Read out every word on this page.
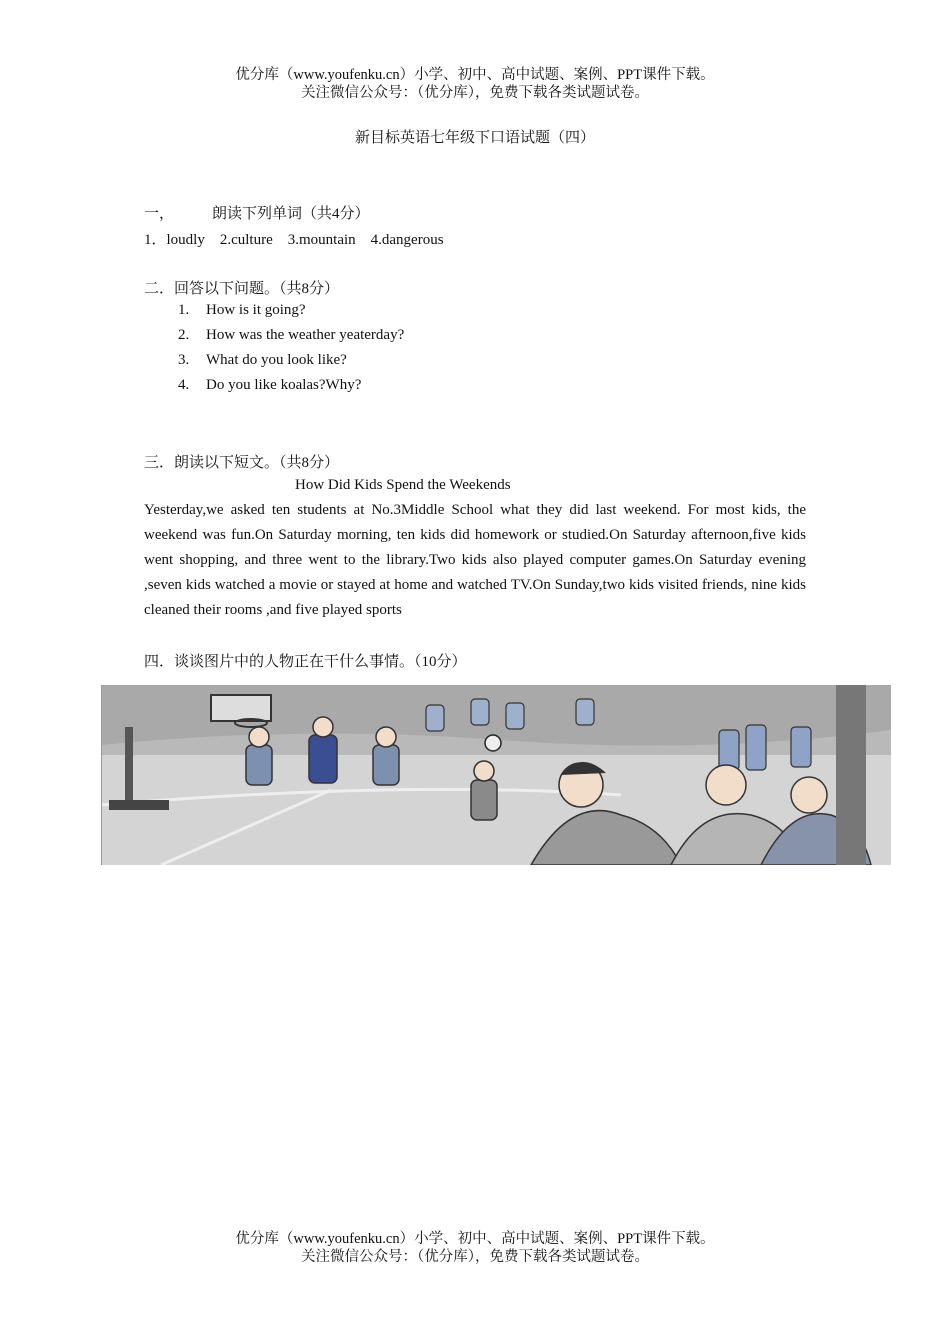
优分库（www.youfenku.cn）小学、初中、高中试题、案例、PPT课件下载。
关注微信公众号：（优分库），免费下载各类试题试卷。
新目标英语七年级下口语试题（四）
一，	朗读下列单词（共4分）
1．loudly    2.culture    3.mountain    4.dangerous
二．回答以下问题。（共8分）
1. How is it going?
2. How was the weather yeaterday?
3. What do you look like?
4. Do you like koalas?Why?
三．朗读以下短文。（共8分）
How Did Kids Spend the Weekends
Yesterday,we asked ten students at No.3Middle School what they did last weekend. For most kids, the weekend was fun.On Saturday morning, ten kids did homework or studied.On Saturday afternoon,five kids went shopping, and three went to the library.Two kids also played computer games.On Saturday evening ,seven kids watched a movie or stayed at home and watched TV.On Sunday,two kids visited friends, nine kids cleaned their rooms ,and five played sports
四．谈谈图片中的人物正在干什么事情。（10分）
优分库（www.youfenku.cn）小学、初中、高中试题、案例、PPT课件下载。
关注微信公众号：（优分库），免费下载各类试题试卷。
